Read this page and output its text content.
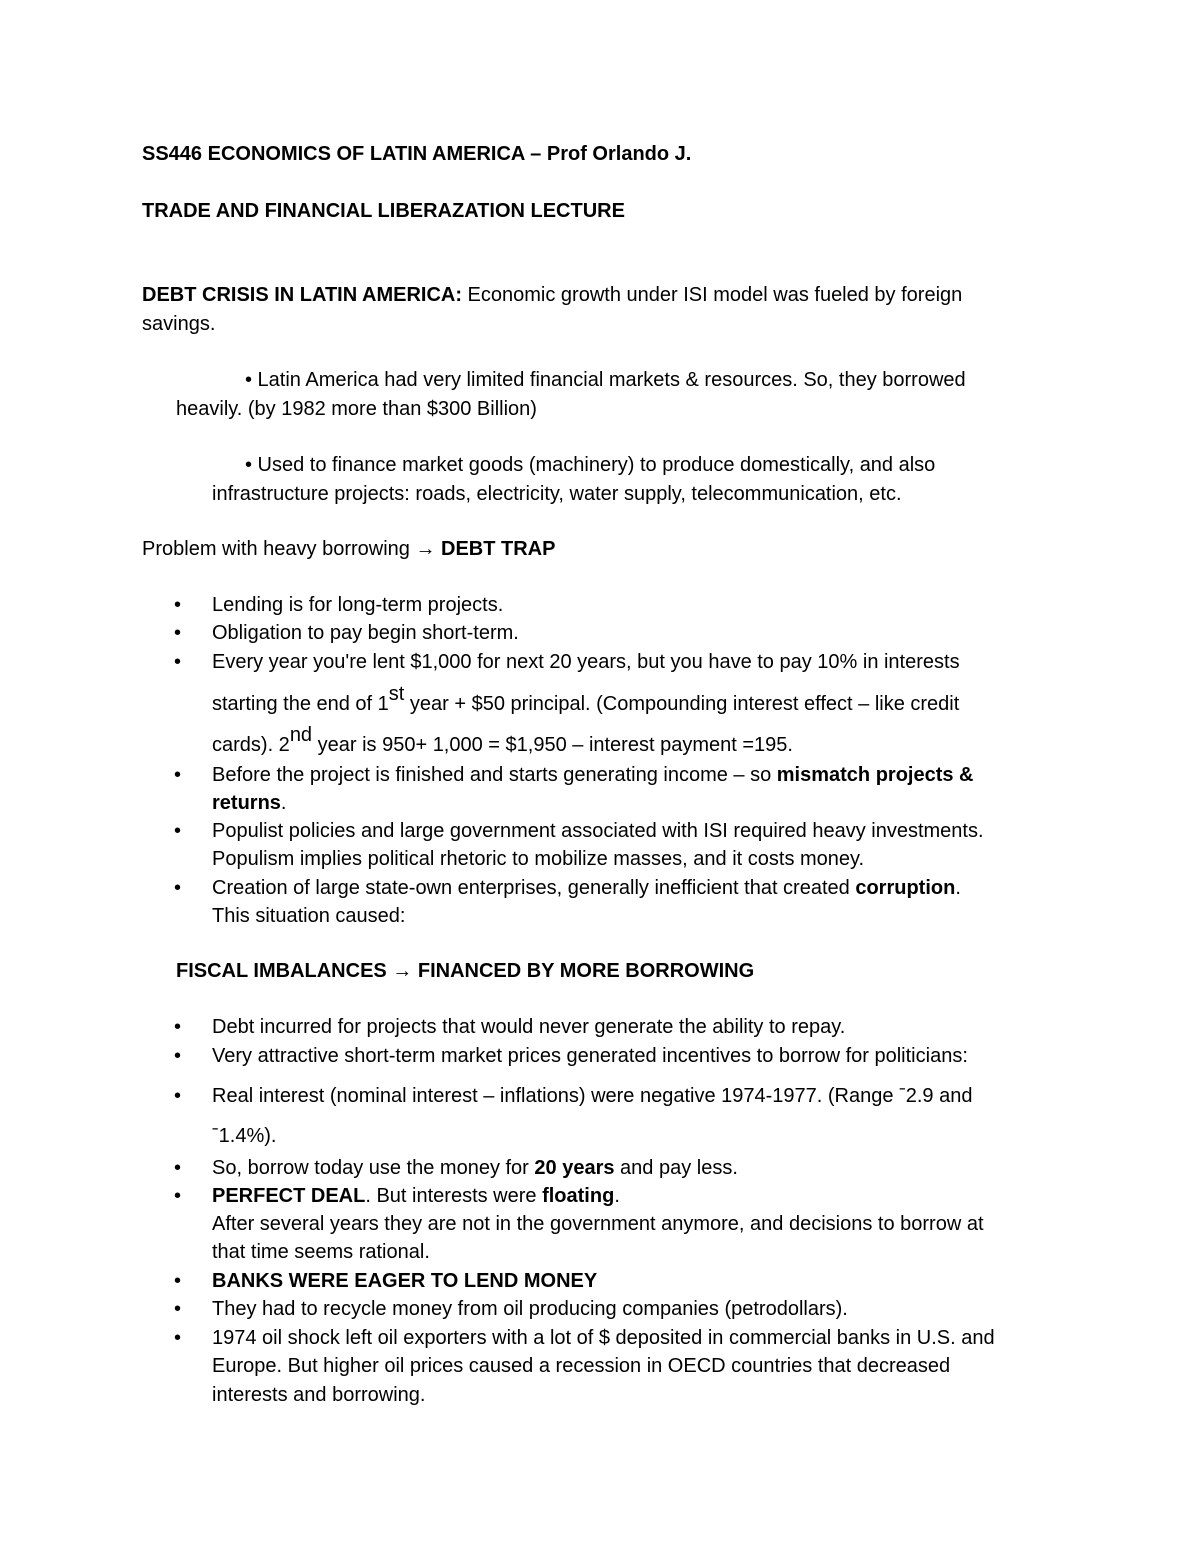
SS446 ECONOMICS OF LATIN AMERICA – Prof Orlando J.
TRADE AND FINANCIAL LIBERAZATION LECTURE
DEBT CRISIS IN LATIN AMERICA: Economic growth under ISI model was fueled by foreign
savings.
• Latin America had very limited financial markets & resources. So, they borrowed
heavily. (by 1982 more than $300 Billion)
• Used to finance market goods (machinery) to produce domestically, and also
infrastructure projects: roads, electricity, water supply, telecommunication, etc.
Problem with heavy borrowing → DEBT TRAP
• Lending is for long-term projects.
• Obligation to pay begin short-term.
• Every year you're lent $1,000 for next 20 years, but you have to pay 10% in interests
starting the end of 1st year + $50 principal. (Compounding interest effect – like credit
cards). 2nd year is 950+ 1,000 = $1,950 – interest payment =195.
• Before the project is finished and starts generating income – so mismatch projects &
returns.
• Populist policies and large government associated with ISI required heavy investments.
Populism implies political rhetoric to mobilize masses, and it costs money.
• Creation of large state-own enterprises, generally inefficient that created corruption.
This situation caused:
FISCAL IMBALANCES → FINANCED BY MORE BORROWING
• Debt incurred for projects that would never generate the ability to repay.
• Very attractive short-term market prices generated incentives to borrow for politicians:
• Real interest (nominal interest – inflations) were negative 1974-1977. (Range ˉ2.9 and
ˉ1.4%).
• So, borrow today use the money for 20 years and pay less.
• PERFECT DEAL. But interests were floating.
After several years they are not in the government anymore, and decisions to borrow at
that time seems rational.
• BANKS WERE EAGER TO LEND MONEY
• They had to recycle money from oil producing companies (petrodollars).
• 1974 oil shock left oil exporters with a lot of $ deposited in commercial banks in U.S. and
Europe. But higher oil prices caused a recession in OECD countries that decreased
interests and borrowing.
